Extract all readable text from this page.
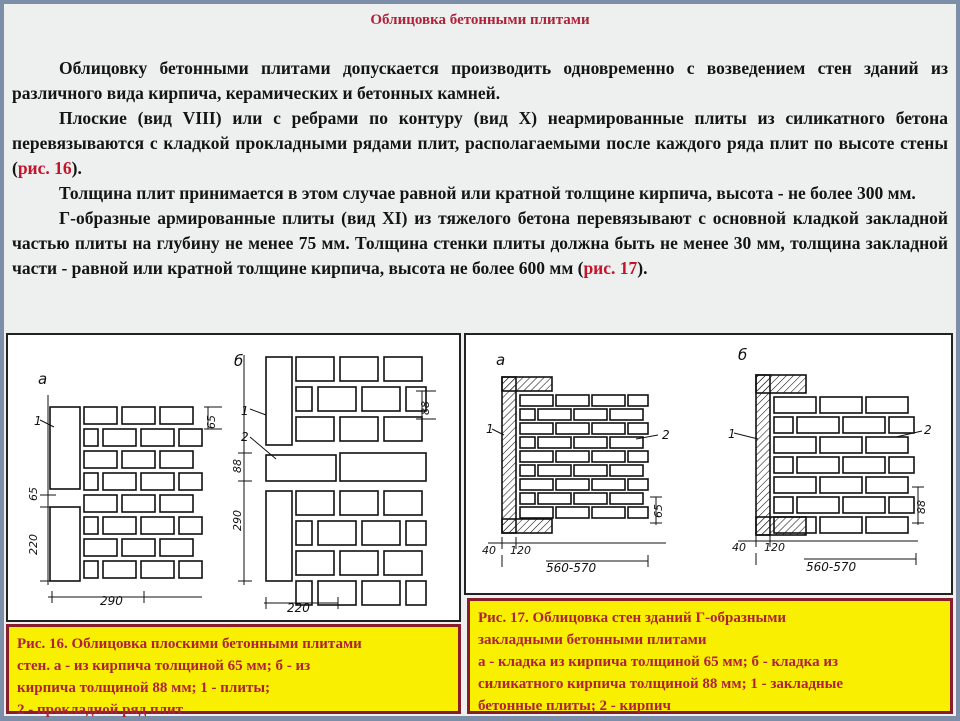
Облицовка бетонными плитами

Облицовку бетонными плитами допускается производить одновременно с возведением стен зданий из различного вида кирпича, керамических и бетонных камней.

Плоские (вид VIII) или с ребрами по контуру (вид X) неармированные плиты из силикатного бетона перевязываются с кладкой прокладными рядами плит, располагаемыми после каждого ряда плит по высоте стены (рис. 16).

Толщина плит принимается в этом случае равной или кратной толщине кирпича, высота - не более 300 мм.

Г-образные армированные плиты (вид XI) из тяжелого бетона перевязывают с основной кладкой закладной частью плиты на глубину не менее 75 мм. Толщина стенки плиты должна быть не менее 30 мм, толщина закладной части - равной или кратной толщине кирпича, высота не более 600 мм (рис. 17).

а
б
1
1
2
65
220
65
88
88
290
290	220
а	б
1	2	1	2
65	88
40 120
560-570
40 120
560-570
Рис. 16. Облицовка плоскими бетонными плитами
стен. а - из кирпича толщиной 65 мм; б - из
кирпича толщиной 88 мм; 1 - плиты;
2 - прокладной ряд плит
Рис. 17. Облицовка стен зданий Г-образными
закладными бетонными плитами
а - кладка из кирпича толщиной 65 мм; б - кладка из
силикатного кирпича толщиной 88 мм; 1 - закладные
бетонные плиты; 2 - кирпич
